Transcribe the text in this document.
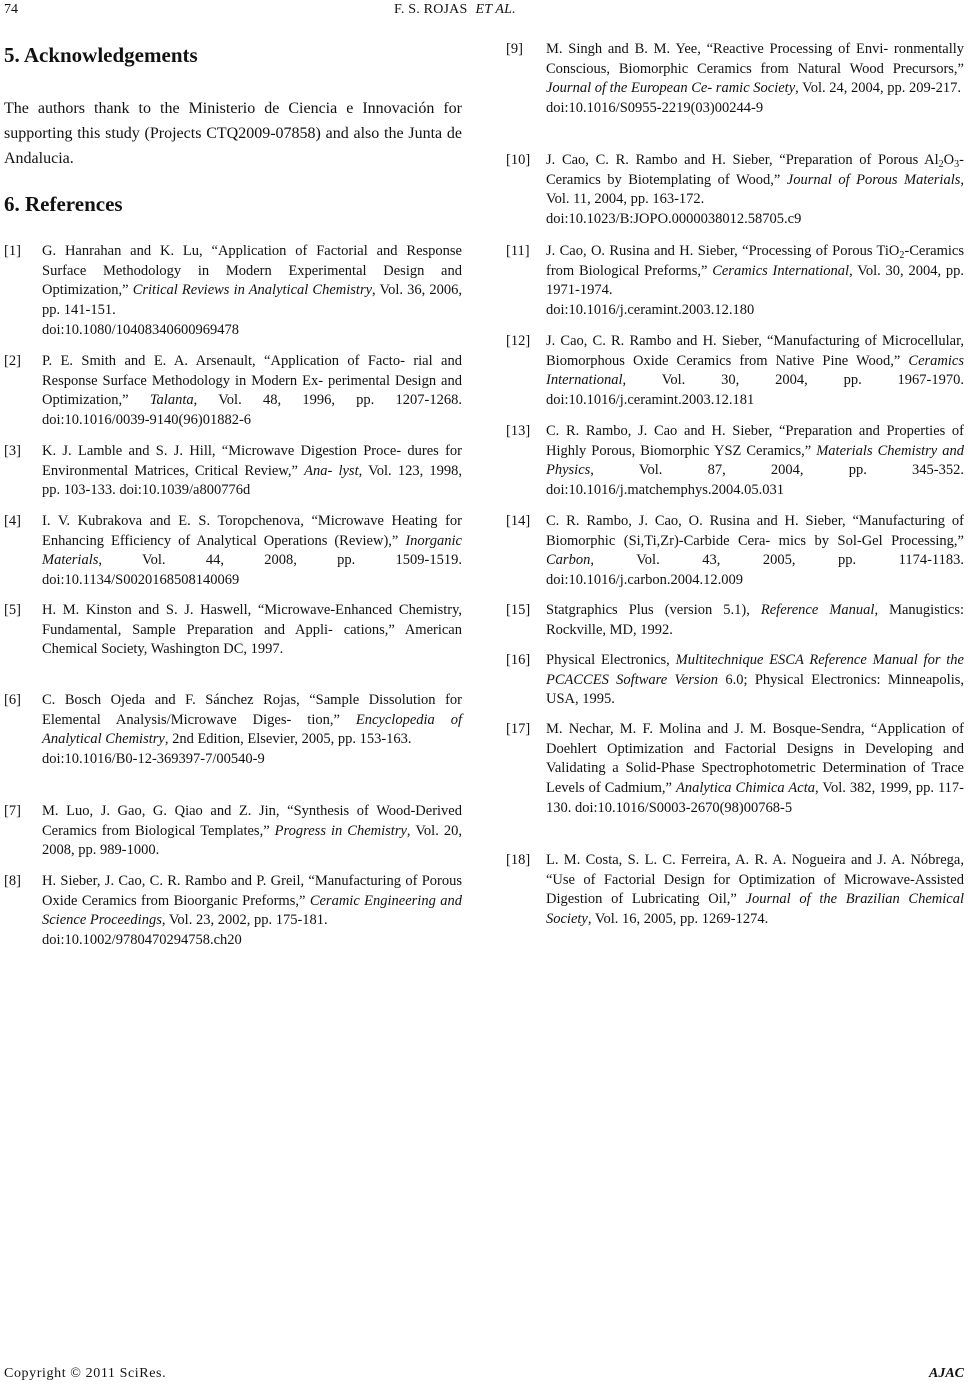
74	F. S. ROJAS ET AL.
5. Acknowledgements

The authors thank to the Ministerio de Ciencia e Innovación for supporting this study (Projects CTQ2009-07858) and also the Junta de Andalucia.

6. References
[1] G. Hanrahan and K. Lu, “Application of Factorial and Response Surface Methodology in Modern Experimental Design and Optimization,” Critical Reviews in Analytical Chemistry, Vol. 36, 2006, pp. 141-151.
doi:10.1080/10408340600969478
[2] P. E. Smith and E. A. Arsenault, “Application of Facto- rial and Response Surface Methodology in Modern Ex- perimental Design and Optimization,” Talanta, Vol. 48, 1996, pp. 1207-1268. doi:10.1016/0039-9140(96)01882-6
[3] K. J. Lamble and S. J. Hill, “Microwave Digestion Proce- dures for Environmental Matrices, Critical Review,” Ana- lyst, Vol. 123, 1998, pp. 103-133. doi:10.1039/a800776d
[4] I. V. Kubrakova and E. S. Toropchenova, “Microwave Heating for Enhancing Efficiency of Analytical Operations (Review),” Inorganic Materials, Vol. 44, 2008, pp. 1509-1519. doi:10.1134/S0020168508140069
[5] H. M. Kinston and S. J. Haswell, “Microwave-Enhanced Chemistry, Fundamental, Sample Preparation and Appli- cations,” American Chemical Society, Washington DC, 1997.
[6] C. Bosch Ojeda and F. Sánchez Rojas, “Sample Dissolution for Elemental Analysis/Microwave Diges- tion,” Encyclopedia of Analytical Chemistry, 2nd Edition, Elsevier, 2005, pp. 153-163.
doi:10.1016/B0-12-369397-7/00540-9
[7] M. Luo, J. Gao, G. Qiao and Z. Jin, “Synthesis of Wood-Derived Ceramics from Biological Templates,” Progress in Chemistry, Vol. 20, 2008, pp. 989-1000.
[8] H. Sieber, J. Cao, C. R. Rambo and P. Greil, “Manufacturing of Porous Oxide Ceramics from Bioorganic Preforms,” Ceramic Engineering and Science Proceedings, Vol. 23, 2002, pp. 175-181.
doi:10.1002/9780470294758.ch20
[9] M. Singh and B. M. Yee, “Reactive Processing of Envi- ronmentally Conscious, Biomorphic Ceramics from Natural Wood Precursors,” Journal of the European Ce- ramic Society, Vol. 24, 2004, pp. 209-217.
doi:10.1016/S0955-2219(03)00244-9
[10] J. Cao, C. R. Rambo and H. Sieber, “Preparation of Porous $Al_2O_3$-Ceramics by Biotemplating of Wood,” Journal of Porous Materials, Vol. 11, 2004, pp. 163-172.
doi:10.1023/B:JOPO.0000038012.58705.c9
[11] J. Cao, O. Rusina and H. Sieber, “Processing of Porous TiO$_2$-Ceramics from Biological Preforms,” Ceramics International, Vol. 30, 2004, pp. 1971-1974.
doi:10.1016/j.ceramint.2003.12.180
[12] J. Cao, C. R. Rambo and H. Sieber, “Manufacturing of Microcellular, Biomorphous Oxide Ceramics from Native Pine Wood,” Ceramics International, Vol. 30, 2004, pp. 1967-1970. doi:10.1016/j.ceramint.2003.12.181
[13] C. R. Rambo, J. Cao and H. Sieber, “Preparation and Properties of Highly Porous, Biomorphic YSZ Ceramics,” Materials Chemistry and Physics, Vol. 87, 2004, pp. 345-352. doi:10.1016/j.matchemphys.2004.05.031
[14] C. R. Rambo, J. Cao, O. Rusina and H. Sieber, “Manufacturing of Biomorphic (Si,Ti,Zr)-Carbide Cera- mics by Sol-Gel Processing,” Carbon, Vol. 43, 2005, pp. 1174-1183. doi:10.1016/j.carbon.2004.12.009
[15] Statgraphics Plus (version 5.1), Reference Manual, Manugistics: Rockville, MD, 1992.
[16] Physical Electronics, Multitechnique ESCA Reference Manual for the PCACCES Software Version 6.0; Physical Electronics: Minneapolis, USA, 1995.
[17] M. Nechar, M. F. Molina and J. M. Bosque-Sendra, “Application of Doehlert Optimization and Factorial Designs in Developing and Validating a Solid-Phase Spectrophotometric Determination of Trace Levels of Cadmium,” Analytica Chimica Acta, Vol. 382, 1999, pp. 117-130. doi:10.1016/S0003-2670(98)00768-5
[18] L. M. Costa, S. L. C. Ferreira, A. R. A. Nogueira and J. A. Nóbrega, “Use of Factorial Design for Optimization of Microwave-Assisted Digestion of Lubricating Oil,” Journal of the Brazilian Chemical Society, Vol. 16, 2005, pp. 1269-1274.
Copyright © 2011 SciRes.	AJAC
